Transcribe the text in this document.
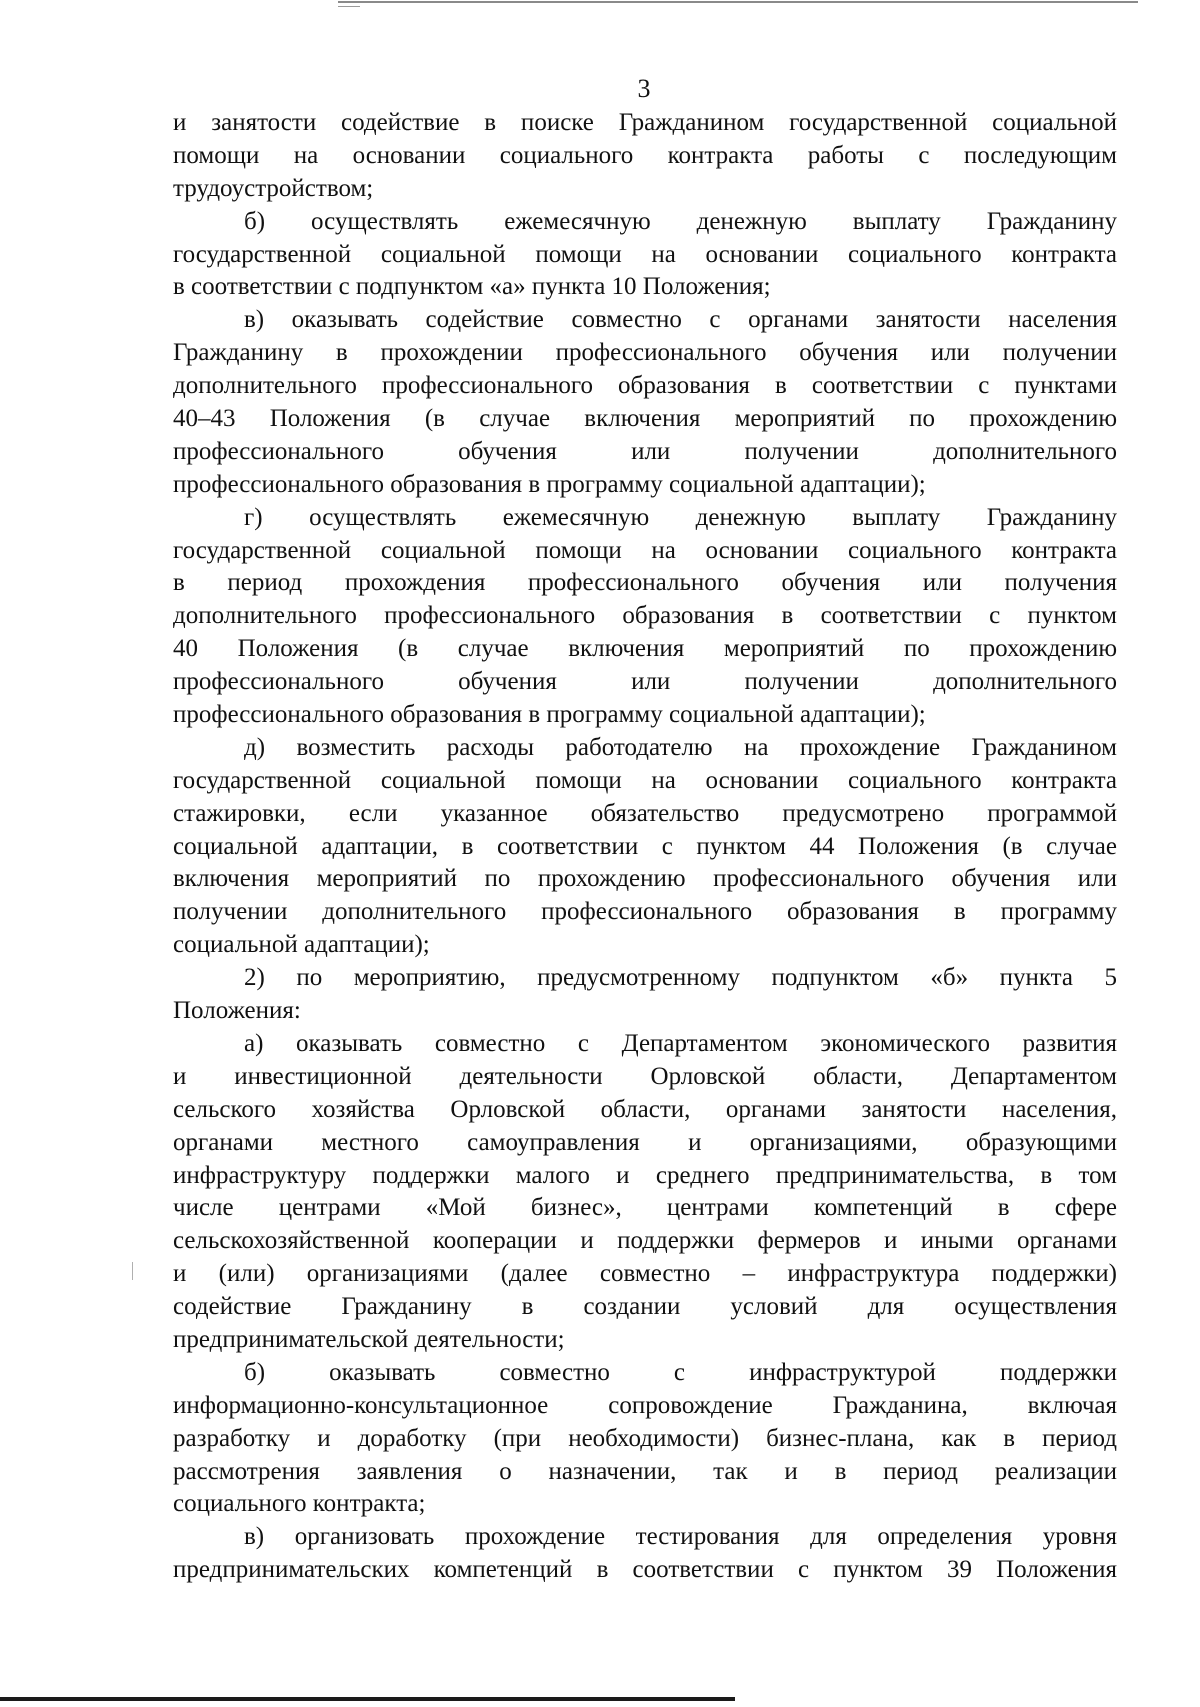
3
и занятости содействие в поиске Гражданином государственной социальной
помощи на основании социального контракта работы с последующим
трудоустройством;
б) осуществлять ежемесячную денежную выплату Гражданину
государственной социальной помощи на основании социального контракта
в соответствии с подпунктом «а» пункта 10 Положения;
в) оказывать содействие совместно с органами занятости населения
Гражданину в прохождении профессионального обучения или получении
дополнительного профессионального образования в соответствии с пунктами
40–43 Положения (в случае включения мероприятий по прохождению
профессионального обучения или получении дополнительного
профессионального образования в программу социальной адаптации);
г) осуществлять ежемесячную денежную выплату Гражданину
государственной социальной помощи на основании социального контракта
в период прохождения профессионального обучения или получения
дополнительного профессионального образования в соответствии с пунктом
40 Положения (в случае включения мероприятий по прохождению
профессионального обучения или получении дополнительного
профессионального образования в программу социальной адаптации);
д) возместить расходы работодателю на прохождение Гражданином
государственной социальной помощи на основании социального контракта
стажировки, если указанное обязательство предусмотрено программой
социальной адаптации, в соответствии с пунктом 44 Положения (в случае
включения мероприятий по прохождению профессионального обучения или
получении дополнительного профессионального образования в программу
социальной адаптации);
2) по мероприятию, предусмотренному подпунктом «б» пункта 5
Положения:
а) оказывать совместно с Департаментом экономического развития
и инвестиционной деятельности Орловской области, Департаментом
сельского хозяйства Орловской области, органами занятости населения,
органами местного самоуправления и организациями, образующими
инфраструктуру поддержки малого и среднего предпринимательства, в том
числе центрами «Мой бизнес», центрами компетенций в сфере
сельскохозяйственной кооперации и поддержки фермеров и иными органами
и (или) организациями (далее совместно – инфраструктура поддержки)
содействие Гражданину в создании условий для осуществления
предпринимательской деятельности;
б) оказывать совместно с инфраструктурой поддержки
информационно-консультационное сопровождение Гражданина, включая
разработку и доработку (при необходимости) бизнес-плана, как в период
рассмотрения заявления о назначении, так и в период реализации
социального контракта;
в) организовать прохождение тестирования для определения уровня
предпринимательских компетенций в соответствии с пунктом 39 Положения
